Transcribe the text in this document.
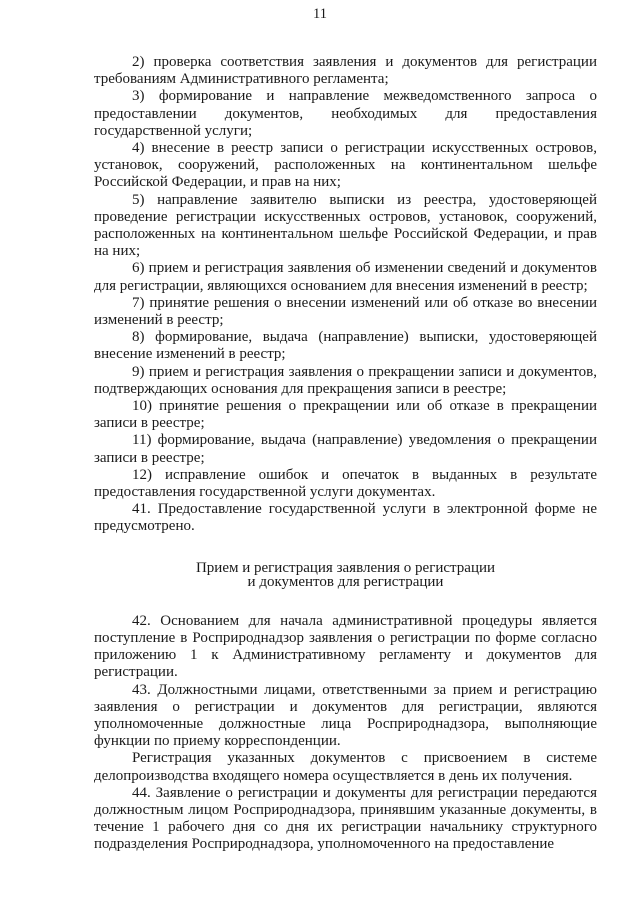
11

2) проверка соответствия заявления и документов для регистрации требованиям Административного регламента;

3) формирование и направление межведомственного запроса о предоставлении документов, необходимых для предоставления государственной услуги;

4) внесение в реестр записи о регистрации искусственных островов, установок, сооружений, расположенных на континентальном шельфе Российской Федерации, и прав на них;

5) направление заявителю выписки из реестра, удостоверяющей проведение регистрации искусственных островов, установок, сооружений, расположенных на континентальном шельфе Российской Федерации, и прав на них;

6) прием и регистрация заявления об изменении сведений и документов для регистрации, являющихся основанием для внесения изменений в реестр;

7) принятие решения о внесении изменений или об отказе во внесении изменений в реестр;

8) формирование, выдача (направление) выписки, удостоверяющей внесение изменений в реестр;

9) прием и регистрация заявления о прекращении записи и документов, подтверждающих основания для прекращения записи в реестре;

10) принятие решения о прекращении или об отказе в прекращении записи в реестре;

11) формирование, выдача (направление) уведомления о прекращении записи в реестре;

12) исправление ошибок и опечаток в выданных в результате предоставления государственной услуги документах.

41. Предоставление государственной услуги в электронной форме не предусмотрено.

Прием и регистрация заявления о регистрации
и документов для регистрации

42. Основанием для начала административной процедуры является поступление в Росприроднадзор заявления о регистрации по форме согласно приложению 1 к Административному регламенту и документов для регистрации.

43. Должностными лицами, ответственными за прием и регистрацию заявления о регистрации и документов для регистрации, являются уполномоченные должностные лица Росприроднадзора, выполняющие функции по приему корреспонденции.

Регистрация указанных документов с присвоением в системе делопроизводства входящего номера осуществляется в день их получения.

44. Заявление о регистрации и документы для регистрации передаются должностным лицом Росприроднадзора, принявшим указанные документы, в течение 1 рабочего дня со дня их регистрации начальнику структурного подразделения Росприроднадзора, уполномоченного на предоставление
